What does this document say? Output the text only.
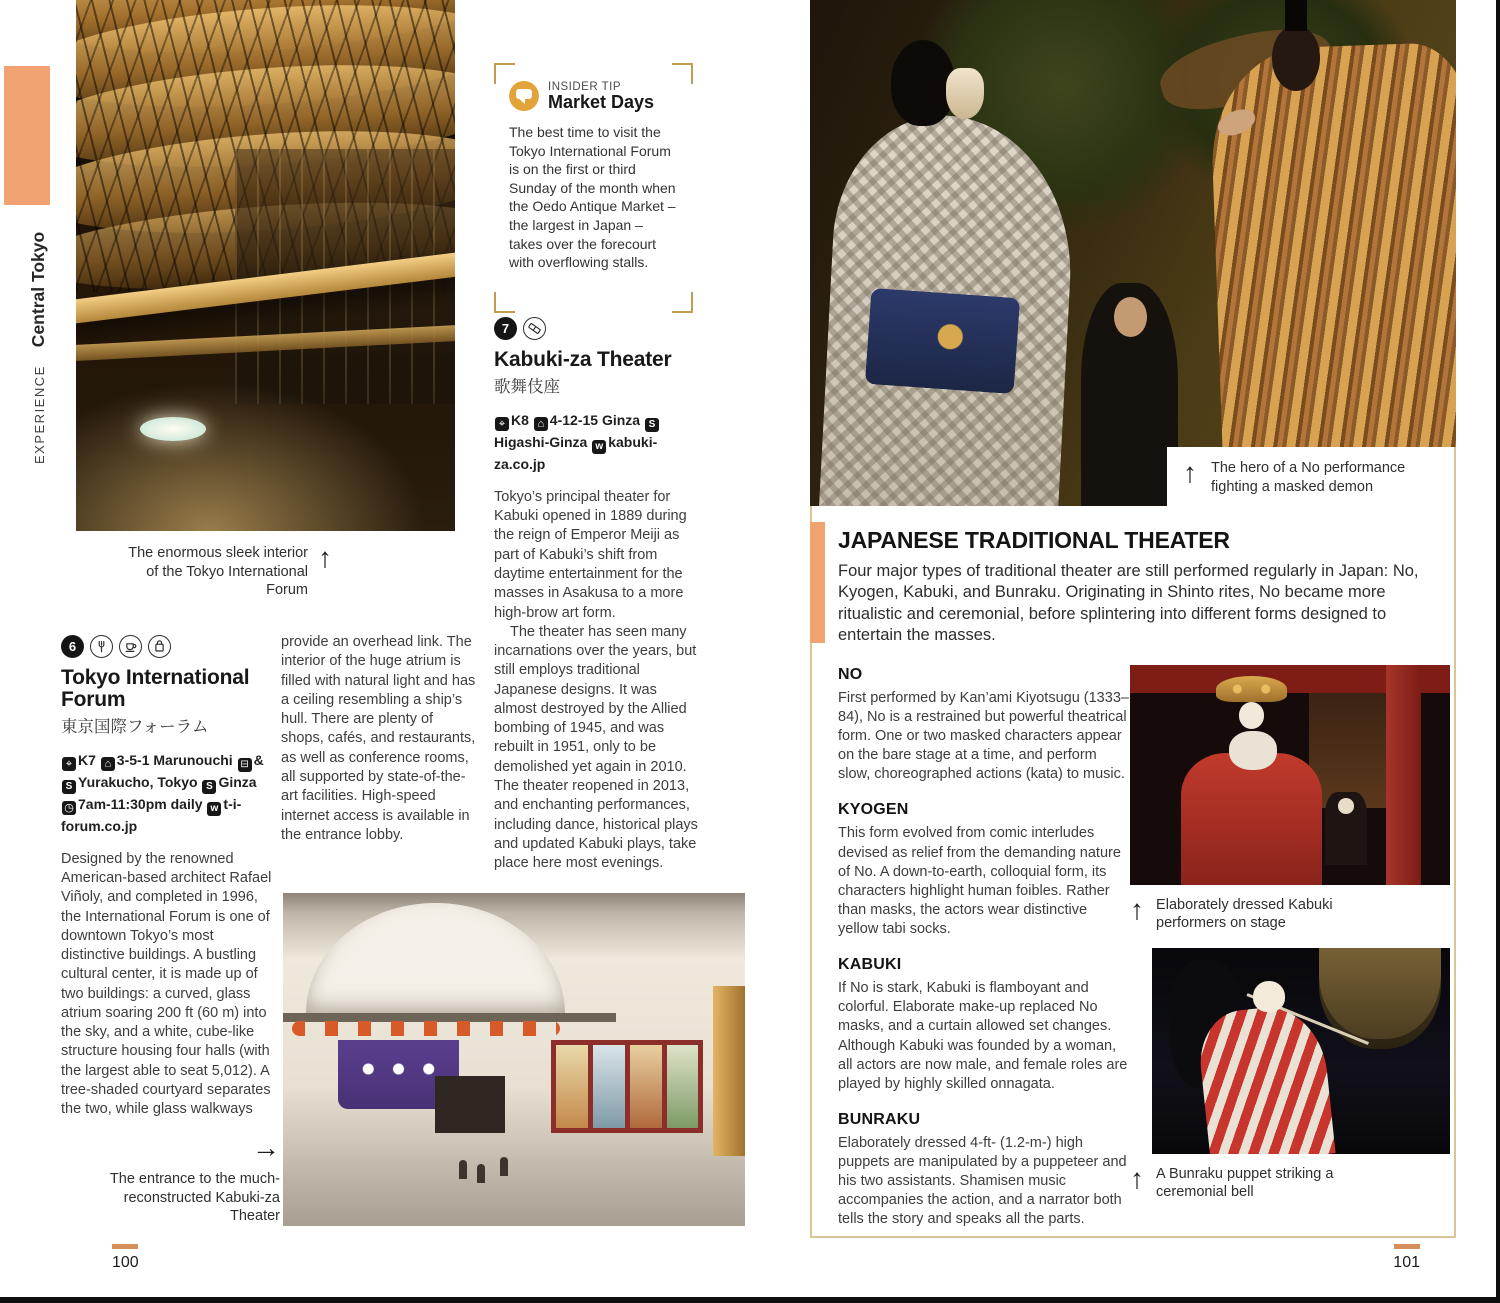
EXPERIENCECentral Tokyo
The enormous sleek interior of the Tokyo International Forum
↑
INSIDER TIP
Market Days
The best time to visit the Tokyo International Forum is on the first or third Sunday of the month when the Oedo Antique Market – the largest in Japan – takes over the forecourt with overflowing stalls.
7
Kabuki-za Theater
歌舞伎座

⌖K8 ⌂4-12-15 Ginza SHigashi-Ginza wkabuki-za.co.jp

Tokyo’s principal theater for Kabuki opened in 1889 during the reign of Emperor Meiji as part of Kabuki’s shift from daytime entertainment for the masses in Asakusa to a more high-brow art form.

The theater has seen many incarnations over the years, but still employs traditional Japanese designs. It was almost destroyed by the Allied bombing of 1945, and was rebuilt in 1951, only to be demolished yet again in 2010. The theater reopened in 2013, and enchanting performances, including dance, historical plays and updated Kabuki plays, take place here most evenings.

6
Tokyo International Forum
東京国際フォーラム

⌖K7 ⌂3-5-1 Marunouchi ⊟& SYurakucho, Tokyo SGinza ◷7am-11:30pm daily wt-i-forum.co.jp

Designed by the renowned American-based architect Rafael Viñoly, and completed in 1996, the International Forum is one of downtown Tokyo’s most distinctive buildings. A bustling cultural center, it is made up of two buildings: a curved, glass atrium soaring 200 ft (60 m) into the sky, and a white, cube-like structure housing four halls (with the largest able to seat 5,012). A tree-shaded courtyard separates the two, while glass walkways

provide an overhead link. The interior of the huge atrium is filled with natural light and has a ceiling resembling a ship’s hull. There are plenty of shops, cafés, and restaurants, as well as conference rooms, all supported by state-of-the-art facilities. High-speed internet access is available in the entrance lobby.

→
The entrance to the much-reconstructed Kabuki-za Theater
100
↑ The hero of a No performance fighting a masked demon
JAPANESE TRADITIONAL THEATER

Four major types of traditional theater are still performed regularly in Japan: No, Kyogen, Kabuki, and Bunraku. Originating in Shinto rites, No became more ritualistic and ceremonial, before splintering into different forms designed to entertain the masses.

NO

First performed by Kan’ami Kiyotsugu (1333–84), No is a restrained but powerful theatrical form. One or two masked characters appear on the bare stage at a time, and perform slow, choreographed actions (kata) to music.

KYOGEN

This form evolved from comic interludes devised as relief from the demanding nature of No. A down-to-earth, colloquial form, its characters highlight human foibles. Rather than masks, the actors wear distinctive yellow tabi socks.

KABUKI

If No is stark, Kabuki is flamboyant and colorful. Elaborate make-up replaced No masks, and a curtain allowed set changes. Although Kabuki was founded by a woman, all actors are now male, and female roles are played by highly skilled onnagata.

BUNRAKU

Elaborately dressed 4-ft- (1.2-m-) high puppets are manipulated by a puppeteer and his two assistants. Shamisen music accompanies the action, and a narrator both tells the story and speaks all the parts.

↑ Elaborately dressed Kabuki performers on stage
↑ A Bunraku puppet striking a ceremonial bell
101
